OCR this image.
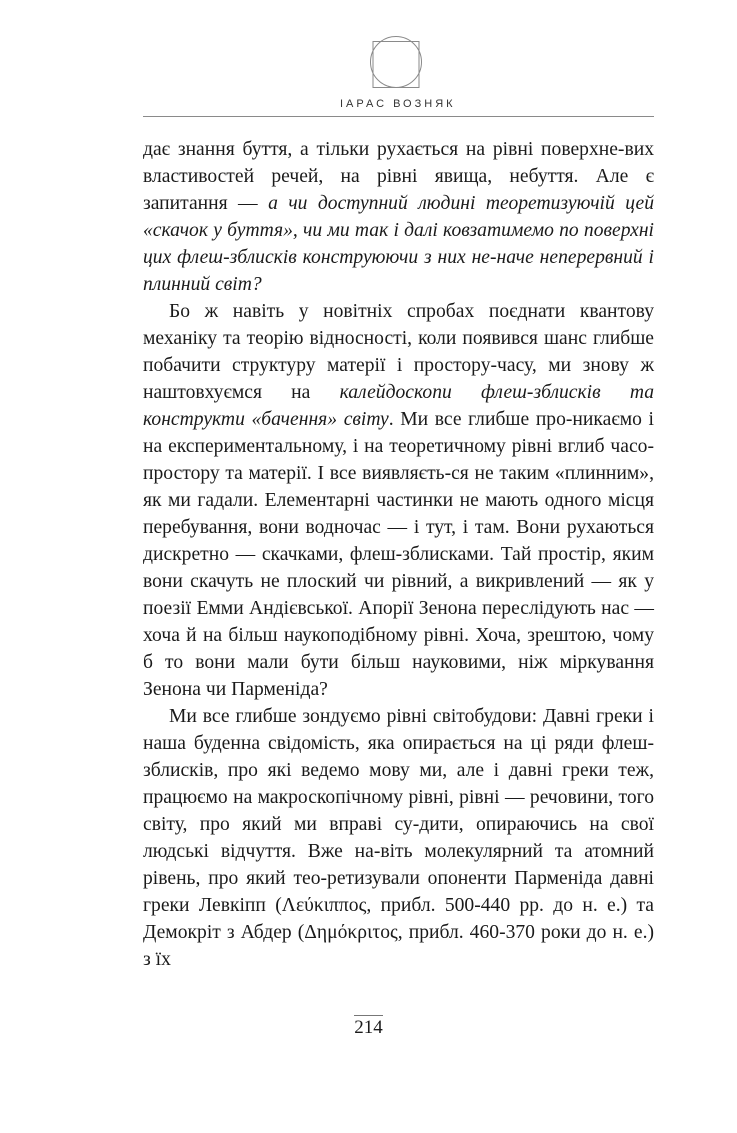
ІАРАС ВОЗНЯК

дає знання буття, а тільки рухається на рівні поверхне-вих властивостей речей, на рівні явища, небуття. Але є запитання — а чи доступний людині теоретизуючій цей «скачок у буття», чи ми так і далі ковзатимемо по поверхні цих флеш-зблисків конструюючи з них не-наче неперервний і плинний світ?

Бо ж навіть у новітніх спробах поєднати квантову механіку та теорію відносності, коли появився шанс глибше побачити структуру матерії і простору-часу, ми знову ж наштовхуємся на калейдоскопи флеш-зблисків та конструкти «бачення» світу. Ми все глибше про-никаємо і на експериментальному, і на теоретичному рівні вглиб часо-простору та матерії. І все виявляєть-ся не таким «плинним», як ми гадали. Елементарні частинки не мають одного місця перебування, вони водночас — і тут, і там. Вони рухаються дискретно — скачками, флеш-зблисками. Тай простір, яким вони скачуть не плоский чи рівний, а викривлений — як у поезії Емми Андієвської. Апорії Зенона переслідують нас — хоча й на більш наукоподібному рівні. Хоча, зрештою, чому б то вони мали бути більш науковими, ніж міркування Зенона чи Парменіда?

Ми все глибше зондуємо рівні світобудови: Давні греки і наша буденна свідомість, яка опирається на ці ряди флеш-зблисків, про які ведемо мову ми, але і давні греки теж, працюємо на макроскопічному рівні, рівні — речовини, того світу, про який ми вправі су-дити, опираючись на свої людські відчуття. Вже на-віть молекулярний та атомний рівень, про який тео-ретизували опоненти Парменіда давні греки Левкіпп (Λεύκιππος, прибл. 500-440 рр. до н. е.) та Демокріт з Абдер (Δημόκριτος, прибл. 460-370 роки до н. е.) з їх

214
